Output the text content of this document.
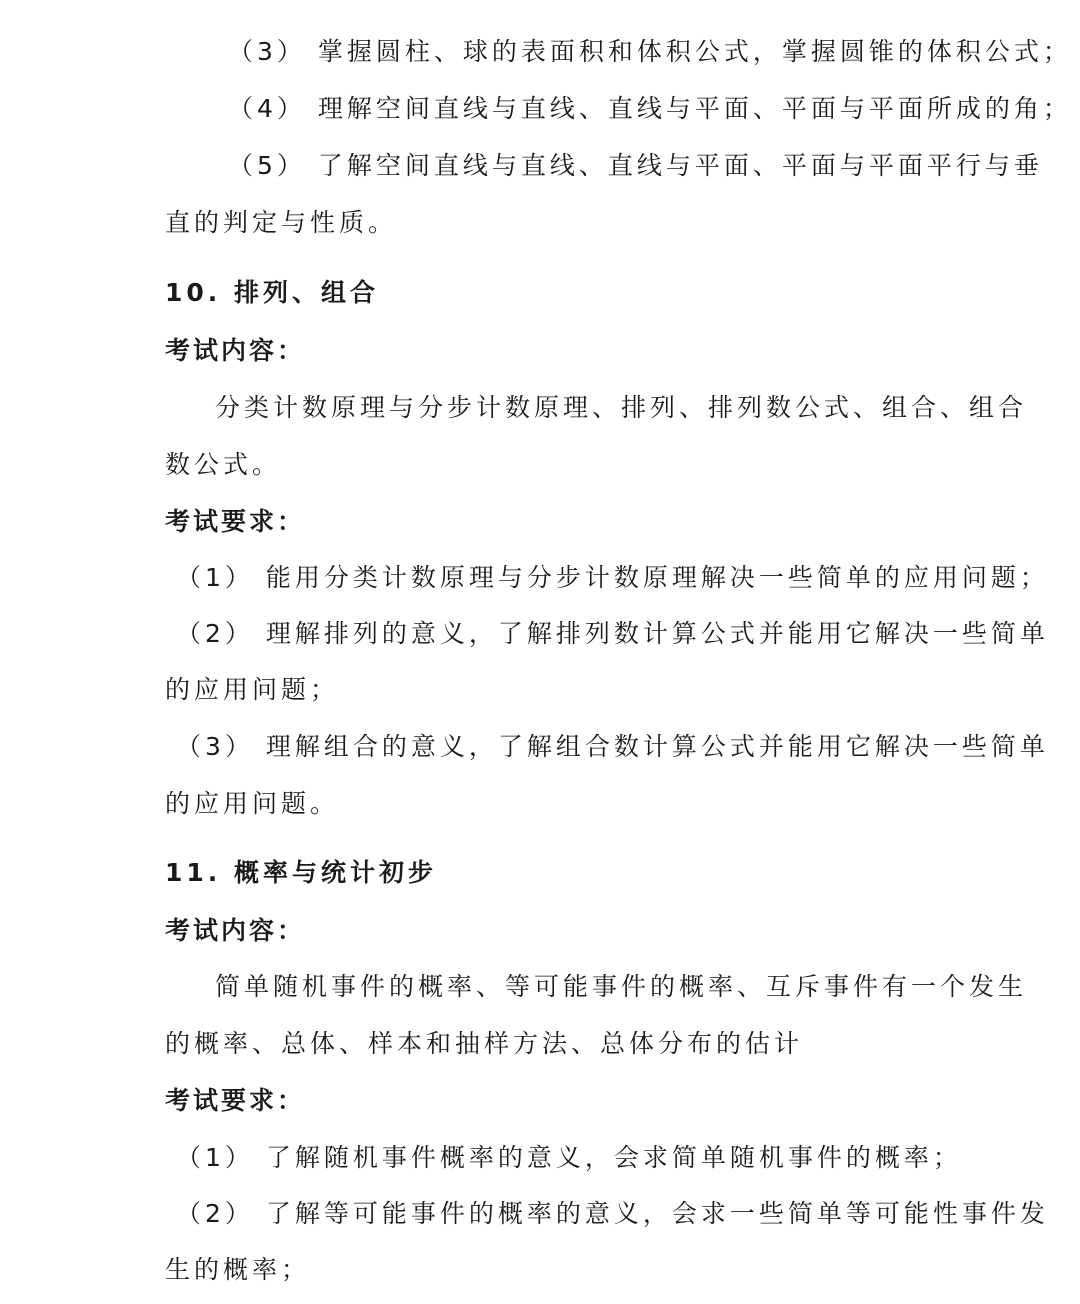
（3） 掌握圆柱、球的表面积和体积公式，掌握圆锥的体积公式；
（4） 理解空间直线与直线、直线与平面、平面与平面所成的角；
（5） 了解空间直线与直线、直线与平面、平面与平面平行与垂
直的判定与性质。
10. 排列、组合
考试内容：
分类计数原理与分步计数原理、排列、排列数公式、组合、组合
数公式。
考试要求：
（1） 能用分类计数原理与分步计数原理解决一些简单的应用问题；
（2） 理解排列的意义，了解排列数计算公式并能用它解决一些简单
的应用问题；
（3） 理解组合的意义，了解组合数计算公式并能用它解决一些简单
的应用问题。
11. 概率与统计初步
考试内容：
简单随机事件的概率、等可能事件的概率、互斥事件有一个发生
的概率、总体、样本和抽样方法、总体分布的估计
考试要求：
（1） 了解随机事件概率的意义，会求简单随机事件的概率；
（2） 了解等可能事件的概率的意义，会求一些简单等可能性事件发
生的概率；
